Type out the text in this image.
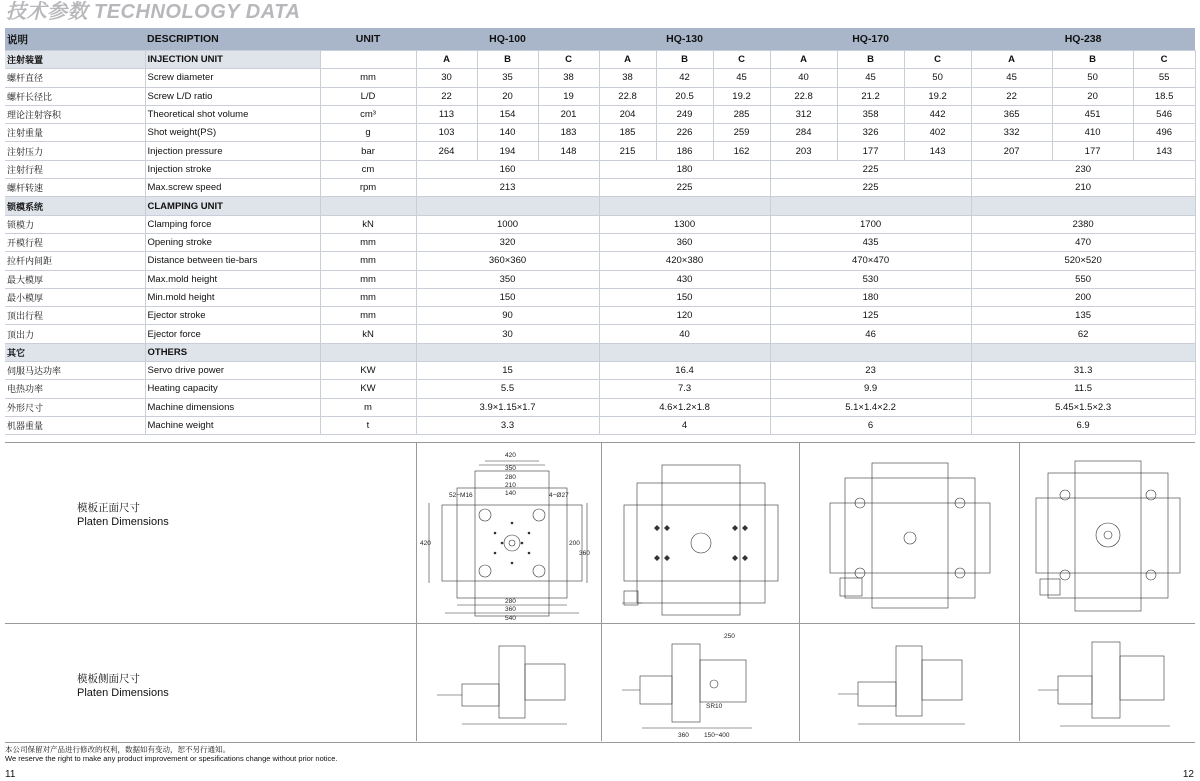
技术参数 TECHNOLOGY DATA
说明	DESCRIPTION	UNIT	HQ-100			HQ-130			HQ-170			HQ-238		
注射装置	INJECTION UNIT		A	B	C	A	B	C	A	B	C	A	B	C
螺杆直径	Screw diameter	mm	30	35	38	38	42	45	40	45	50	45	50	55
螺杆长径比	Screw L/D ratio	L/D	22	20	19	22.8	20.5	19.2	22.8	21.2	19.2	22	20	18.5
理论注射容积	Theoretical shot volume	cm³	113	154	201	204	249	285	312	358	442	365	451	546
注射重量	Shot weight(PS)	g	103	140	183	185	226	259	284	326	402	332	410	496
注射压力	Injection pressure	bar	264	194	148	215	186	162	203	177	143	207	177	143
注射行程	Injection stroke	cm	160			180			225			230		
螺杆转速	Max.screw speed	rpm	213			225			225			210		
锁模系统	CLAMPING UNIT													
锁模力	Clamping force	kN	1000			1300			1700			2380		
开模行程	Opening stroke	mm	320			360			435			470		
拉杆内间距	Distance between tie-bars	mm	360×360			420×380			470×470			520×520		
最大模厚	Max.mold height	mm	350			430			530			550		
最小模厚	Min.mold height	mm	150			150			180			200		
顶出行程	Ejector stroke	mm	90			120			125			135		
顶出力	Ejector force	kN	30			40			46			62		
其它	OTHERS													
伺服马达功率	Servo drive power	KW	15			16.4			23			31.3		
电热功率	Heating capacity	KW	5.5			7.3			9.9			11.5		
外形尺寸	Machine dimensions	m	3.9×1.15×1.7			4.6×1.2×1.8			5.1×1.4×2.2			5.45×1.5×2.3		
机器重量	Machine weight	t	3.3			4			6			6.9		
模板正面尺寸
Platen Dimensions
420
350
280
210
140
52−M16	4−Ø27
420	200
360
280
360
540
模板侧面尺寸
Platen Dimensions
250
SR10
360 150−400
本公司保留对产品进行修改的权利，数据如有变动，恕不另行通知。
We reserve the right to make any product improvement or spesifications change without prior notice.
11	12
